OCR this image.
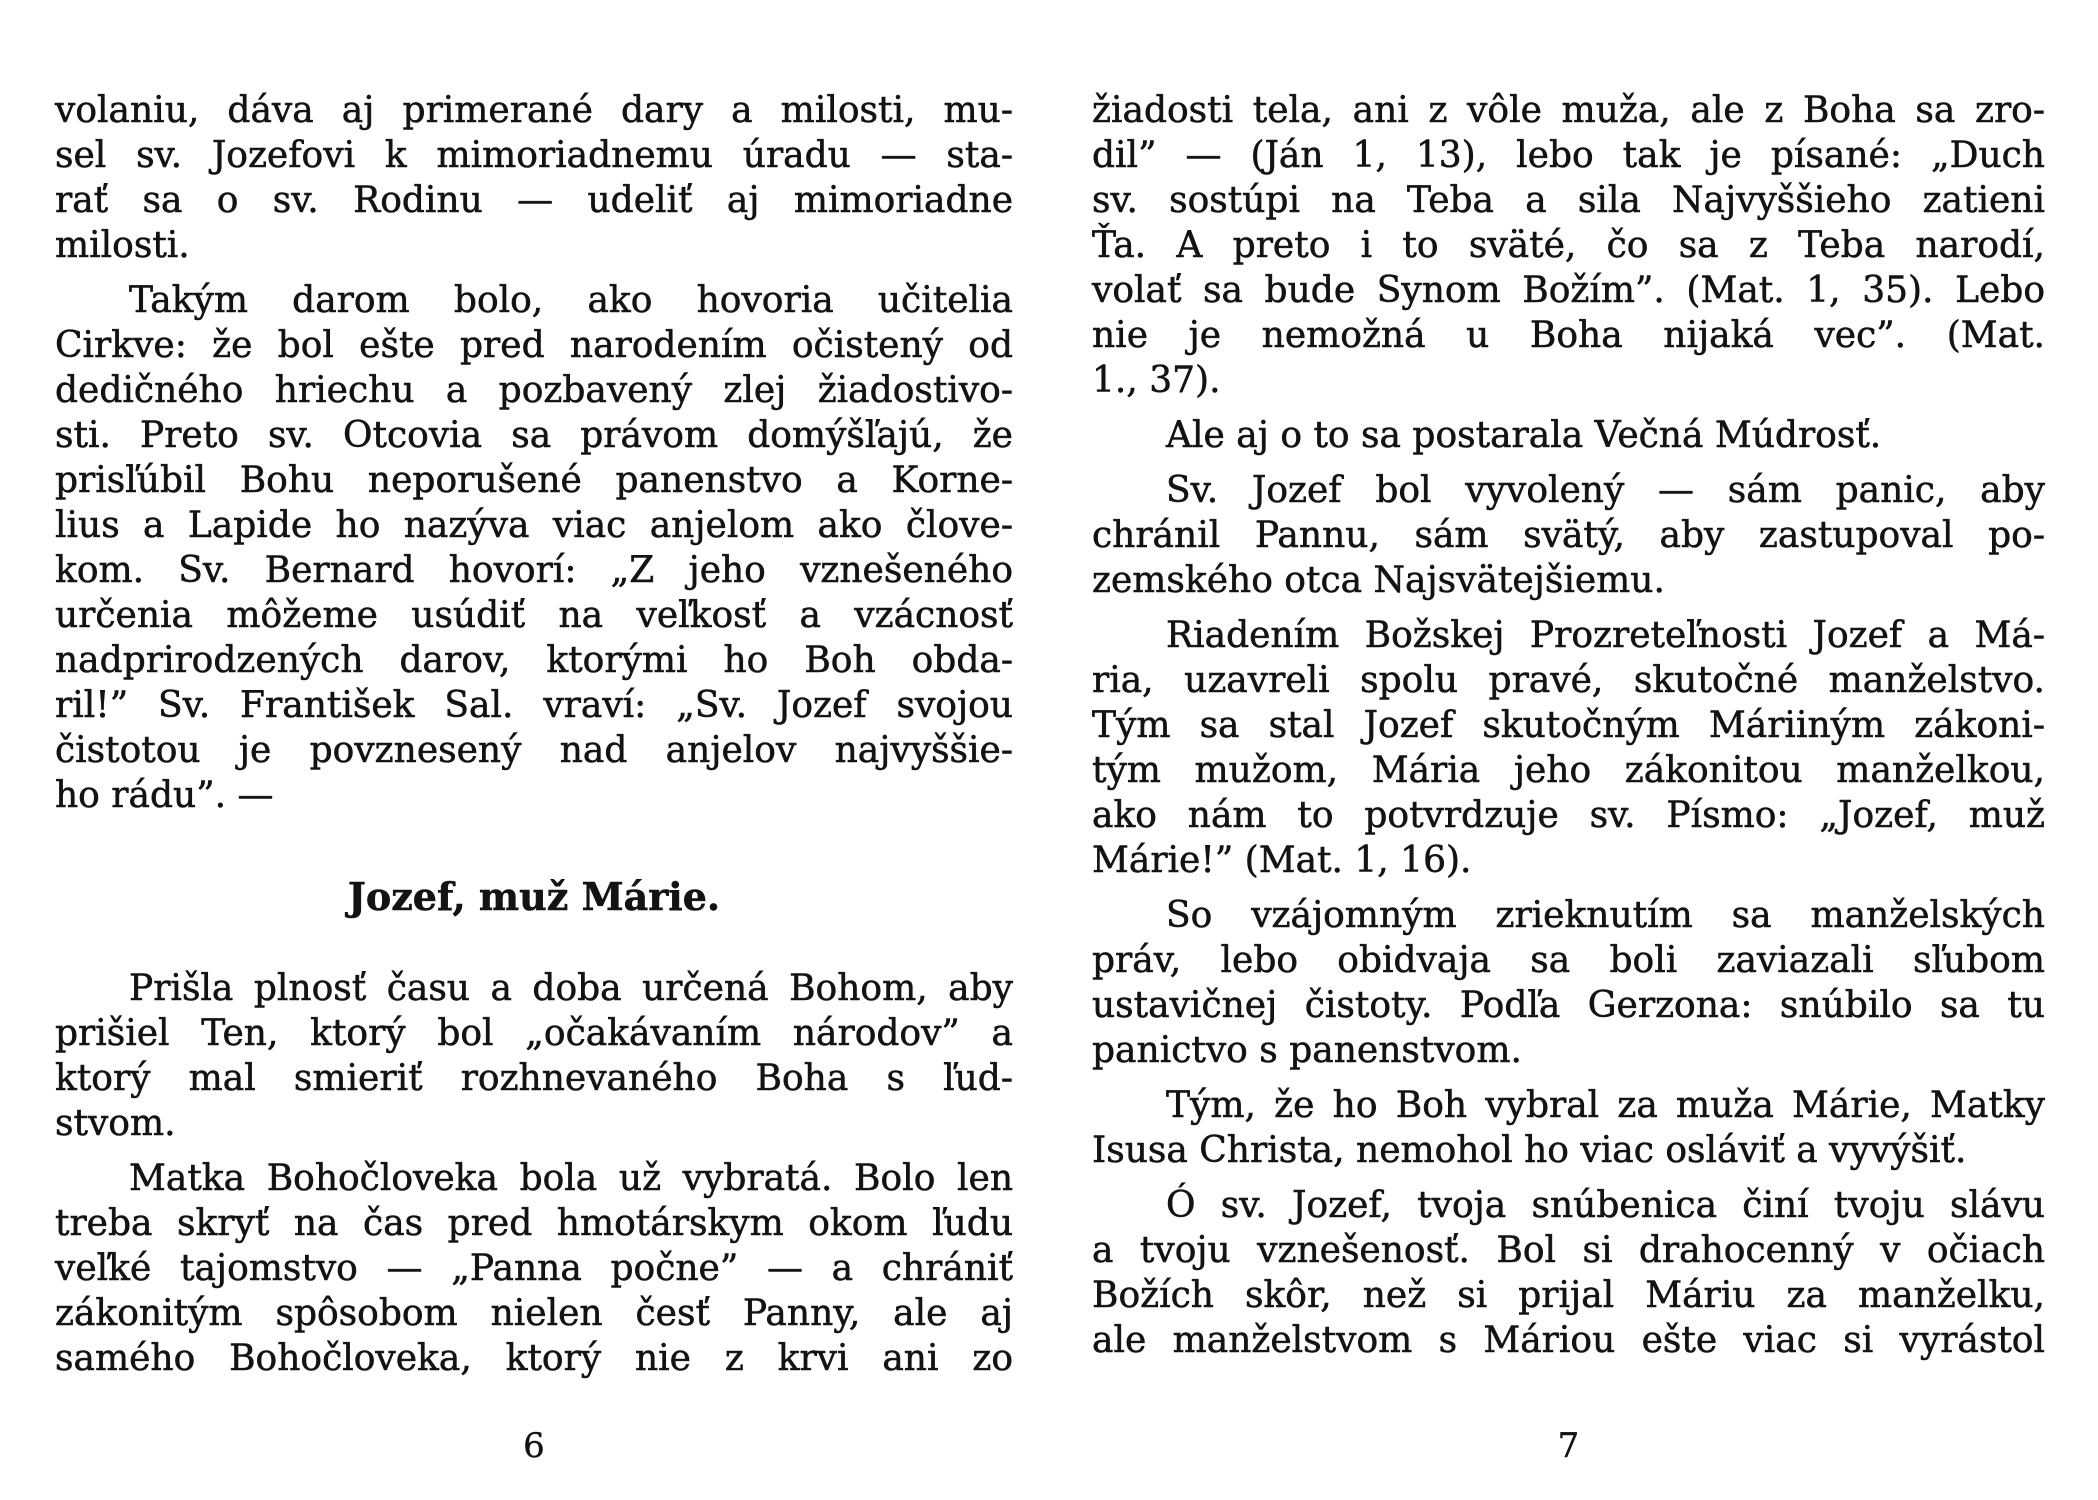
volaniu, dáva aj primerané dary a milosti, mu-
sel sv. Jozefovi k mimoriadnemu úradu — sta-
rať sa o sv. Rodinu — udeliť aj mimoriadne
milosti.
Takým darom bolo, ako hovoria učitelia
Cirkve: že bol ešte pred narodením očistený od
dedičného hriechu a pozbavený zlej žiadostivo-
sti. Preto sv. Otcovia sa právom domýšľajú, že
prisľúbil Bohu neporušené panenstvo a Korne-
lius a Lapide ho nazýva viac anjelom ako člove-
kom. Sv. Bernard hovorí: „Z jeho vznešeného
určenia môžeme usúdiť na veľkosť a vzácnosť
nadprirodzených darov, ktorými ho Boh obda-
ril!” Sv. František Sal. vraví: „Sv. Jozef svojou
čistotou je povznesený nad anjelov najvyššie-
ho rádu”. —
Jozef, muž Márie.
Prišla plnosť času a doba určená Bohom, aby
prišiel Ten, ktorý bol „očakávaním národov” a
ktorý mal smieriť rozhnevaného Boha s ľud-
stvom.
Matka Bohočloveka bola už vybratá. Bolo len
treba skryť na čas pred hmotárskym okom ľudu
veľké tajomstvo — „Panna počne” — a chrániť
zákonitým spôsobom nielen česť Panny, ale aj
samého Bohočloveka, ktorý nie z krvi ani zo
žiadosti tela, ani z vôle muža, ale z Boha sa zro-
dil” — (Ján 1, 13), lebo tak je písané: „Duch
sv. sostúpi na Teba a sila Najvyššieho zatieni
Ťa. A preto i to sväté, čo sa z Teba narodí,
volať sa bude Synom Božím”. (Mat. 1, 35). Lebo
nie je nemožná u Boha nijaká vec”. (Mat.
1., 37).
Ale aj o to sa postarala Večná Múdrosť.
Sv. Jozef bol vyvolený — sám panic, aby
chránil Pannu, sám svätý, aby zastupoval po-
zemského otca Najsvätejšiemu.
Riadením Božskej Prozreteľnosti Jozef a Má-
ria, uzavreli spolu pravé, skutočné manželstvo.
Tým sa stal Jozef skutočným Máriiným zákoni-
tým mužom, Mária jeho zákonitou manželkou,
ako nám to potvrdzuje sv. Písmo: „Jozef, muž
Márie!” (Mat. 1, 16).
So vzájomným zrieknutím sa manželských
práv, lebo obidvaja sa boli zaviazali sľubom
ustavičnej čistoty. Podľa Gerzona: snúbilo sa tu
panictvo s panenstvom.
Tým, že ho Boh vybral za muža Márie, Matky
Isusa Christa, nemohol ho viac osláviť a vyvýšiť.
Ó sv. Jozef, tvoja snúbenica činí tvoju slávu
a tvoju vznešenosť. Bol si drahocenný v očiach
Božích skôr, než si prijal Máriu za manželku,
ale manželstvom s Máriou ešte viac si vyrástol
6	7
